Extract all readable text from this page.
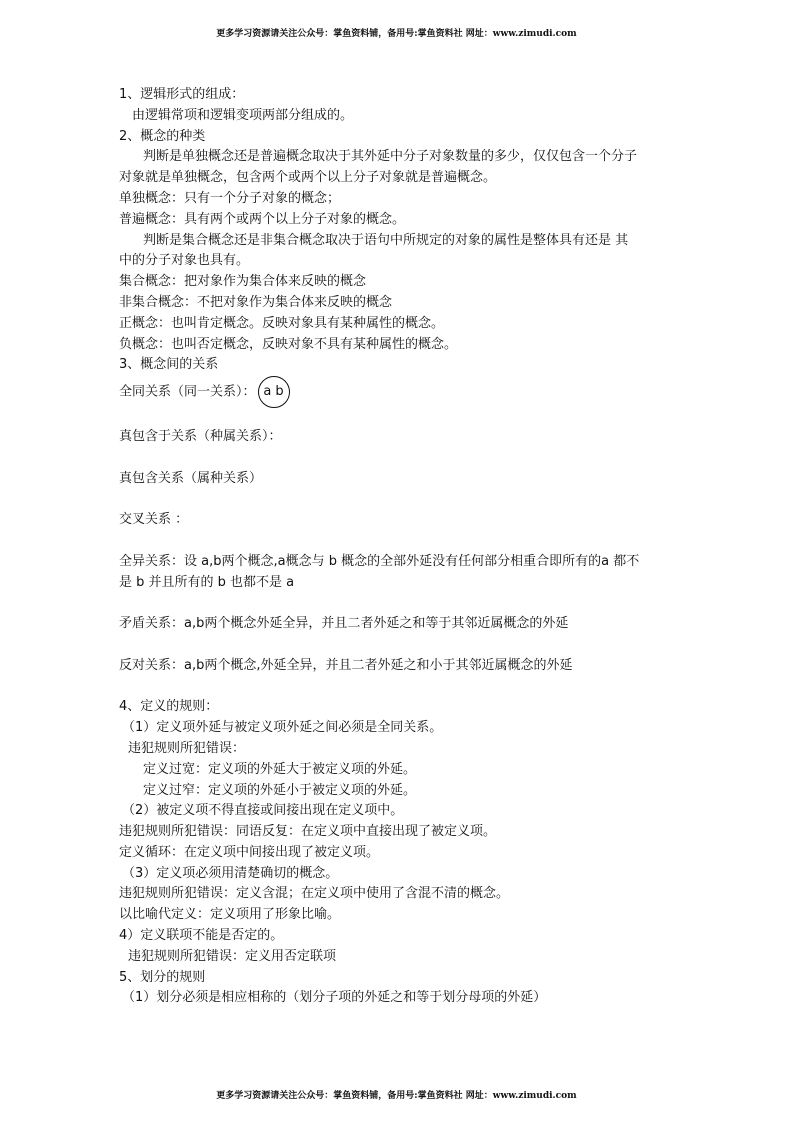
更多学习资源请关注公众号：掌鱼资料铺，备用号:掌鱼资料社 网址：www.zimudi.com
1、逻辑形式的组成：
由逻辑常项和逻辑变项两部分组成的。
2、概念的种类
判断是单独概念还是普遍概念取决于其外延中分子对象数量的多少，仅仅包含一个分子
对象就是单独概念，包含两个或两个以上分子对象就是普遍概念。
单独概念：只有一个分子对象的概念；
普遍概念：具有两个或两个以上分子对象的概念。
判断是集合概念还是非集合概念取决于语句中所规定的对象的属性是整体具有还是 其
中的分子对象也具有。
集合概念：把对象作为集合体来反映的概念
非集合概念：不把对象作为集合体来反映的概念
正概念：也叫肯定概念。反映对象具有某种属性的概念。
负概念：也叫否定概念，反映对象不具有某种属性的概念。
3、概念间的关系
全同关系（同一关系）： a b
真包含于关系（种属关系）：
真包含关系（属种关系）
交叉关系 ：
全异关系：设 a,b两个概念,a概念与 b 概念的全部外延没有任何部分相重合即所有的a 都不
是 b 并且所有的 b 也都不是 a
矛盾关系：a,b两个概念外延全异，并且二者外延之和等于其邻近属概念的外延
反对关系：a,b两个概念,外延全异，并且二者外延之和小于其邻近属概念的外延
4、定义的规则：
（1）定义项外延与被定义项外延之间必须是全同关系。
违犯规则所犯错误：
定义过宽：定义项的外延大于被定义项的外延。
定义过窄：定义项的外延小于被定义项的外延。
（2）被定义项不得直接或间接出现在定义项中。
违犯规则所犯错误：同语反复：在定义项中直接出现了被定义项。
定义循环：在定义项中间接出现了被定义项。
（3）定义项必须用清楚确切的概念。
违犯规则所犯错误：定义含混；在定义项中使用了含混不清的概念。
以比喻代定义：定义项用了形象比喻。
4）定义联项不能是否定的。
违犯规则所犯错误：定义用否定联项
5、划分的规则
（1）划分必须是相应相称的（划分子项的外延之和等于划分母项的外延）
更多学习资源请关注公众号：掌鱼资料铺，备用号:掌鱼资料社 网址：www.zimudi.com
